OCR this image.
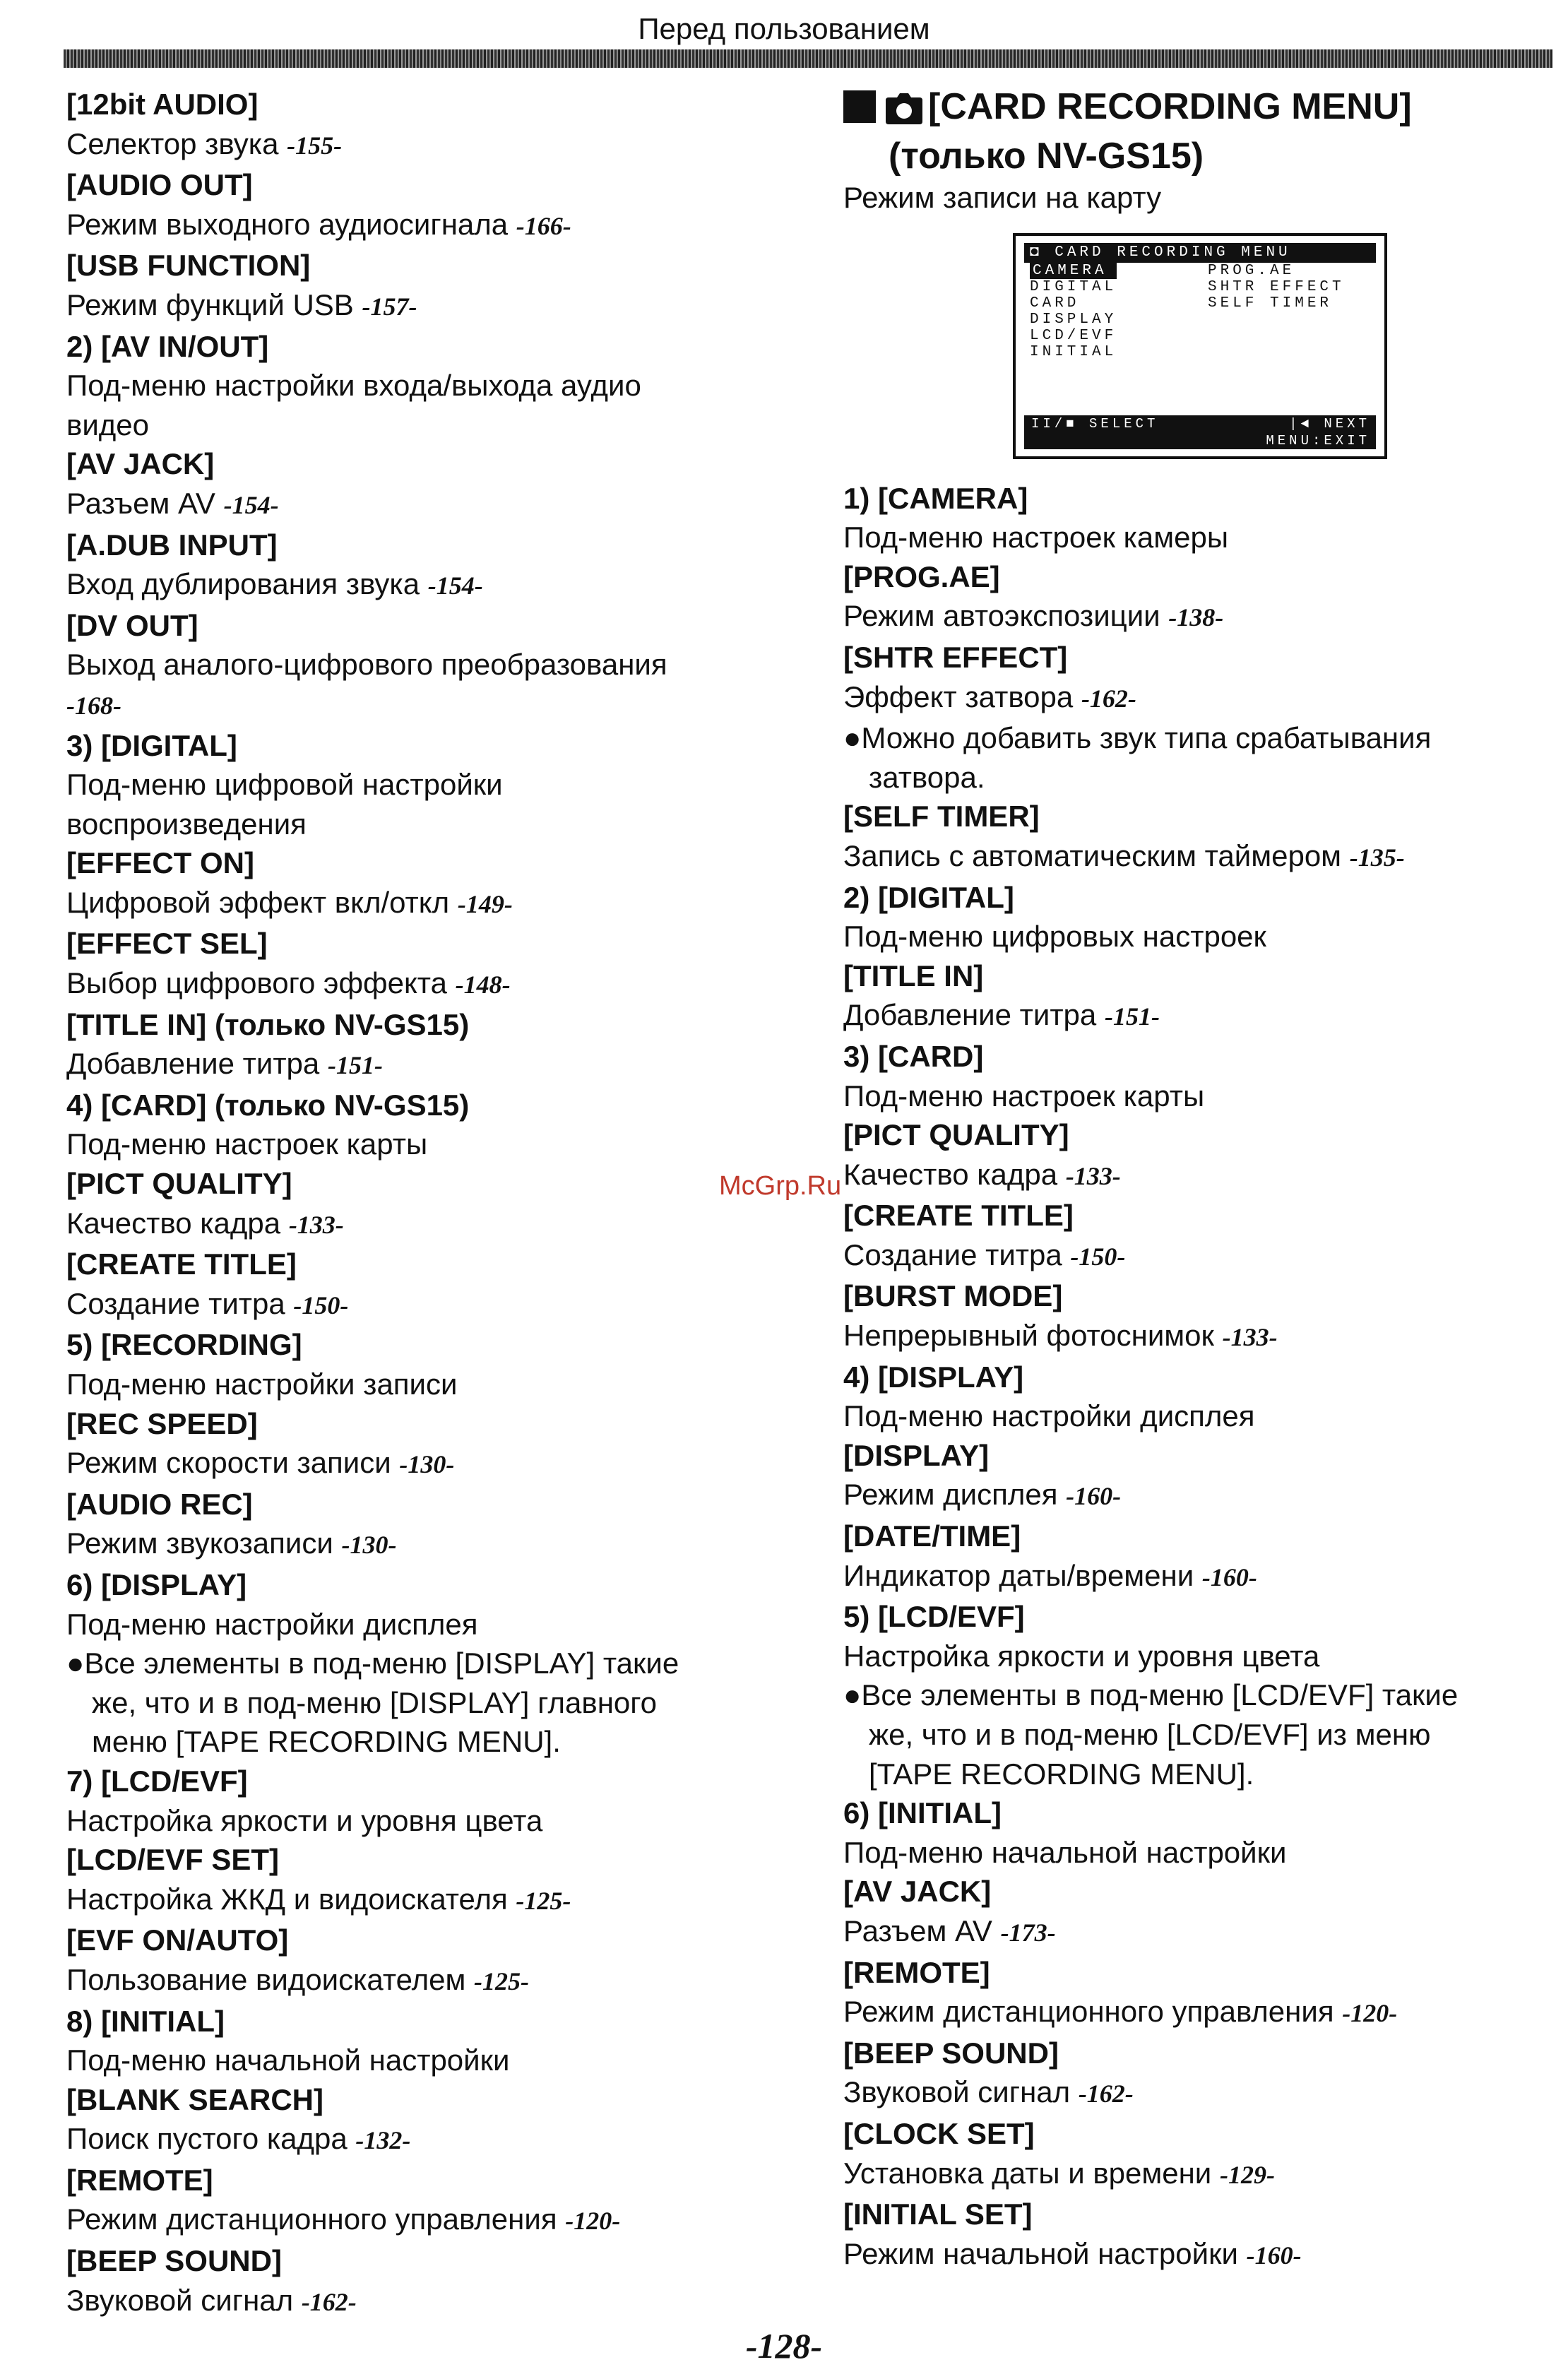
Перед пользованием
[12bit AUDIO]
Селектор звука -155-
[AUDIO OUT]
Режим выходного аудиосигнала -166-
[USB FUNCTION]
Режим функций USB -157-
2) [AV IN/OUT]
Под-меню настройки входа/выхода аудио
видео
[AV JACK]
Разъем AV -154-
[A.DUB INPUT]
Вход дублирования звука -154-
[DV OUT]
Выход аналого-цифрового преобразования
-168-
3) [DIGITAL]
Под-меню цифровой настройки
воспроизведения
[EFFECT ON]
Цифровой эффект вкл/откл -149-
[EFFECT SEL]
Выбор цифрового эффекта -148-
[TITLE IN] (только NV-GS15)
Добавление титра -151-
4) [CARD] (только NV-GS15)
Под-меню настроек карты
[PICT QUALITY]
Качество кадра -133-
[CREATE TITLE]
Создание титра -150-
5) [RECORDING]
Под-меню настройки записи
[REC SPEED]
Режим скорости записи -130-
[AUDIO REC]
Режим звукозаписи -130-
6) [DISPLAY]
Под-меню настройки дисплея
●Все элементы в под-меню [DISPLAY] такие
же, что и в под-меню [DISPLAY] главного
меню [TAPE RECORDING MENU].
7) [LCD/EVF]
Настройка яркости и уровня цвета
[LCD/EVF SET]
Настройка ЖКД и видоискателя -125-
[EVF ON/AUTO]
Пользование видоискателем -125-
8) [INITIAL]
Под-меню начальной настройки
[BLANK SEARCH]
Поиск пустого кадра -132-
[REMOTE]
Режим дистанционного управления -120-
[BEEP SOUND]
Звуковой сигнал -162-
[CARD RECORDING MENU]
(только NV-GS15)
Режим записи на карту
◘ CARD RECORDING MENU
CAMERA
DIGITAL
CARD
DISPLAY
LCD/EVF
INITIAL
PROG.AE
SHTR EFFECT
SELF TIMER
II/■ SELECT	|◄ NEXT
MENU:EXIT
1) [CAMERA]
Под-меню настроек камеры
[PROG.AE]
Режим автоэкспозиции -138-
[SHTR EFFECT]
Эффект затвора -162-
●Можно добавить звук типа срабатывания
затвора.
[SELF TIMER]
Запись с автоматическим таймером -135-
2) [DIGITAL]
Под-меню цифровых настроек
[TITLE IN]
Добавление титра -151-
3) [CARD]
Под-меню настроек карты
[PICT QUALITY]
Качество кадра -133-
[CREATE TITLE]
Создание титра -150-
[BURST MODE]
Непрерывный фотоснимок -133-
4) [DISPLAY]
Под-меню настройки дисплея
[DISPLAY]
Режим дисплея -160-
[DATE/TIME]
Индикатор даты/времени -160-
5) [LCD/EVF]
Настройка яркости и уровня цвета
●Все элементы в под-меню [LCD/EVF] такие
же, что и в под-меню [LCD/EVF] из меню
[TAPE RECORDING MENU].
6) [INITIAL]
Под-меню начальной настройки
[AV JACK]
Разъем AV -173-
[REMOTE]
Режим дистанционного управления -120-
[BEEP SOUND]
Звуковой сигнал -162-
[CLOCK SET]
Установка даты и времени -129-
[INITIAL SET]
Режим начальной настройки -160-
McGrp.Ru
-128-
